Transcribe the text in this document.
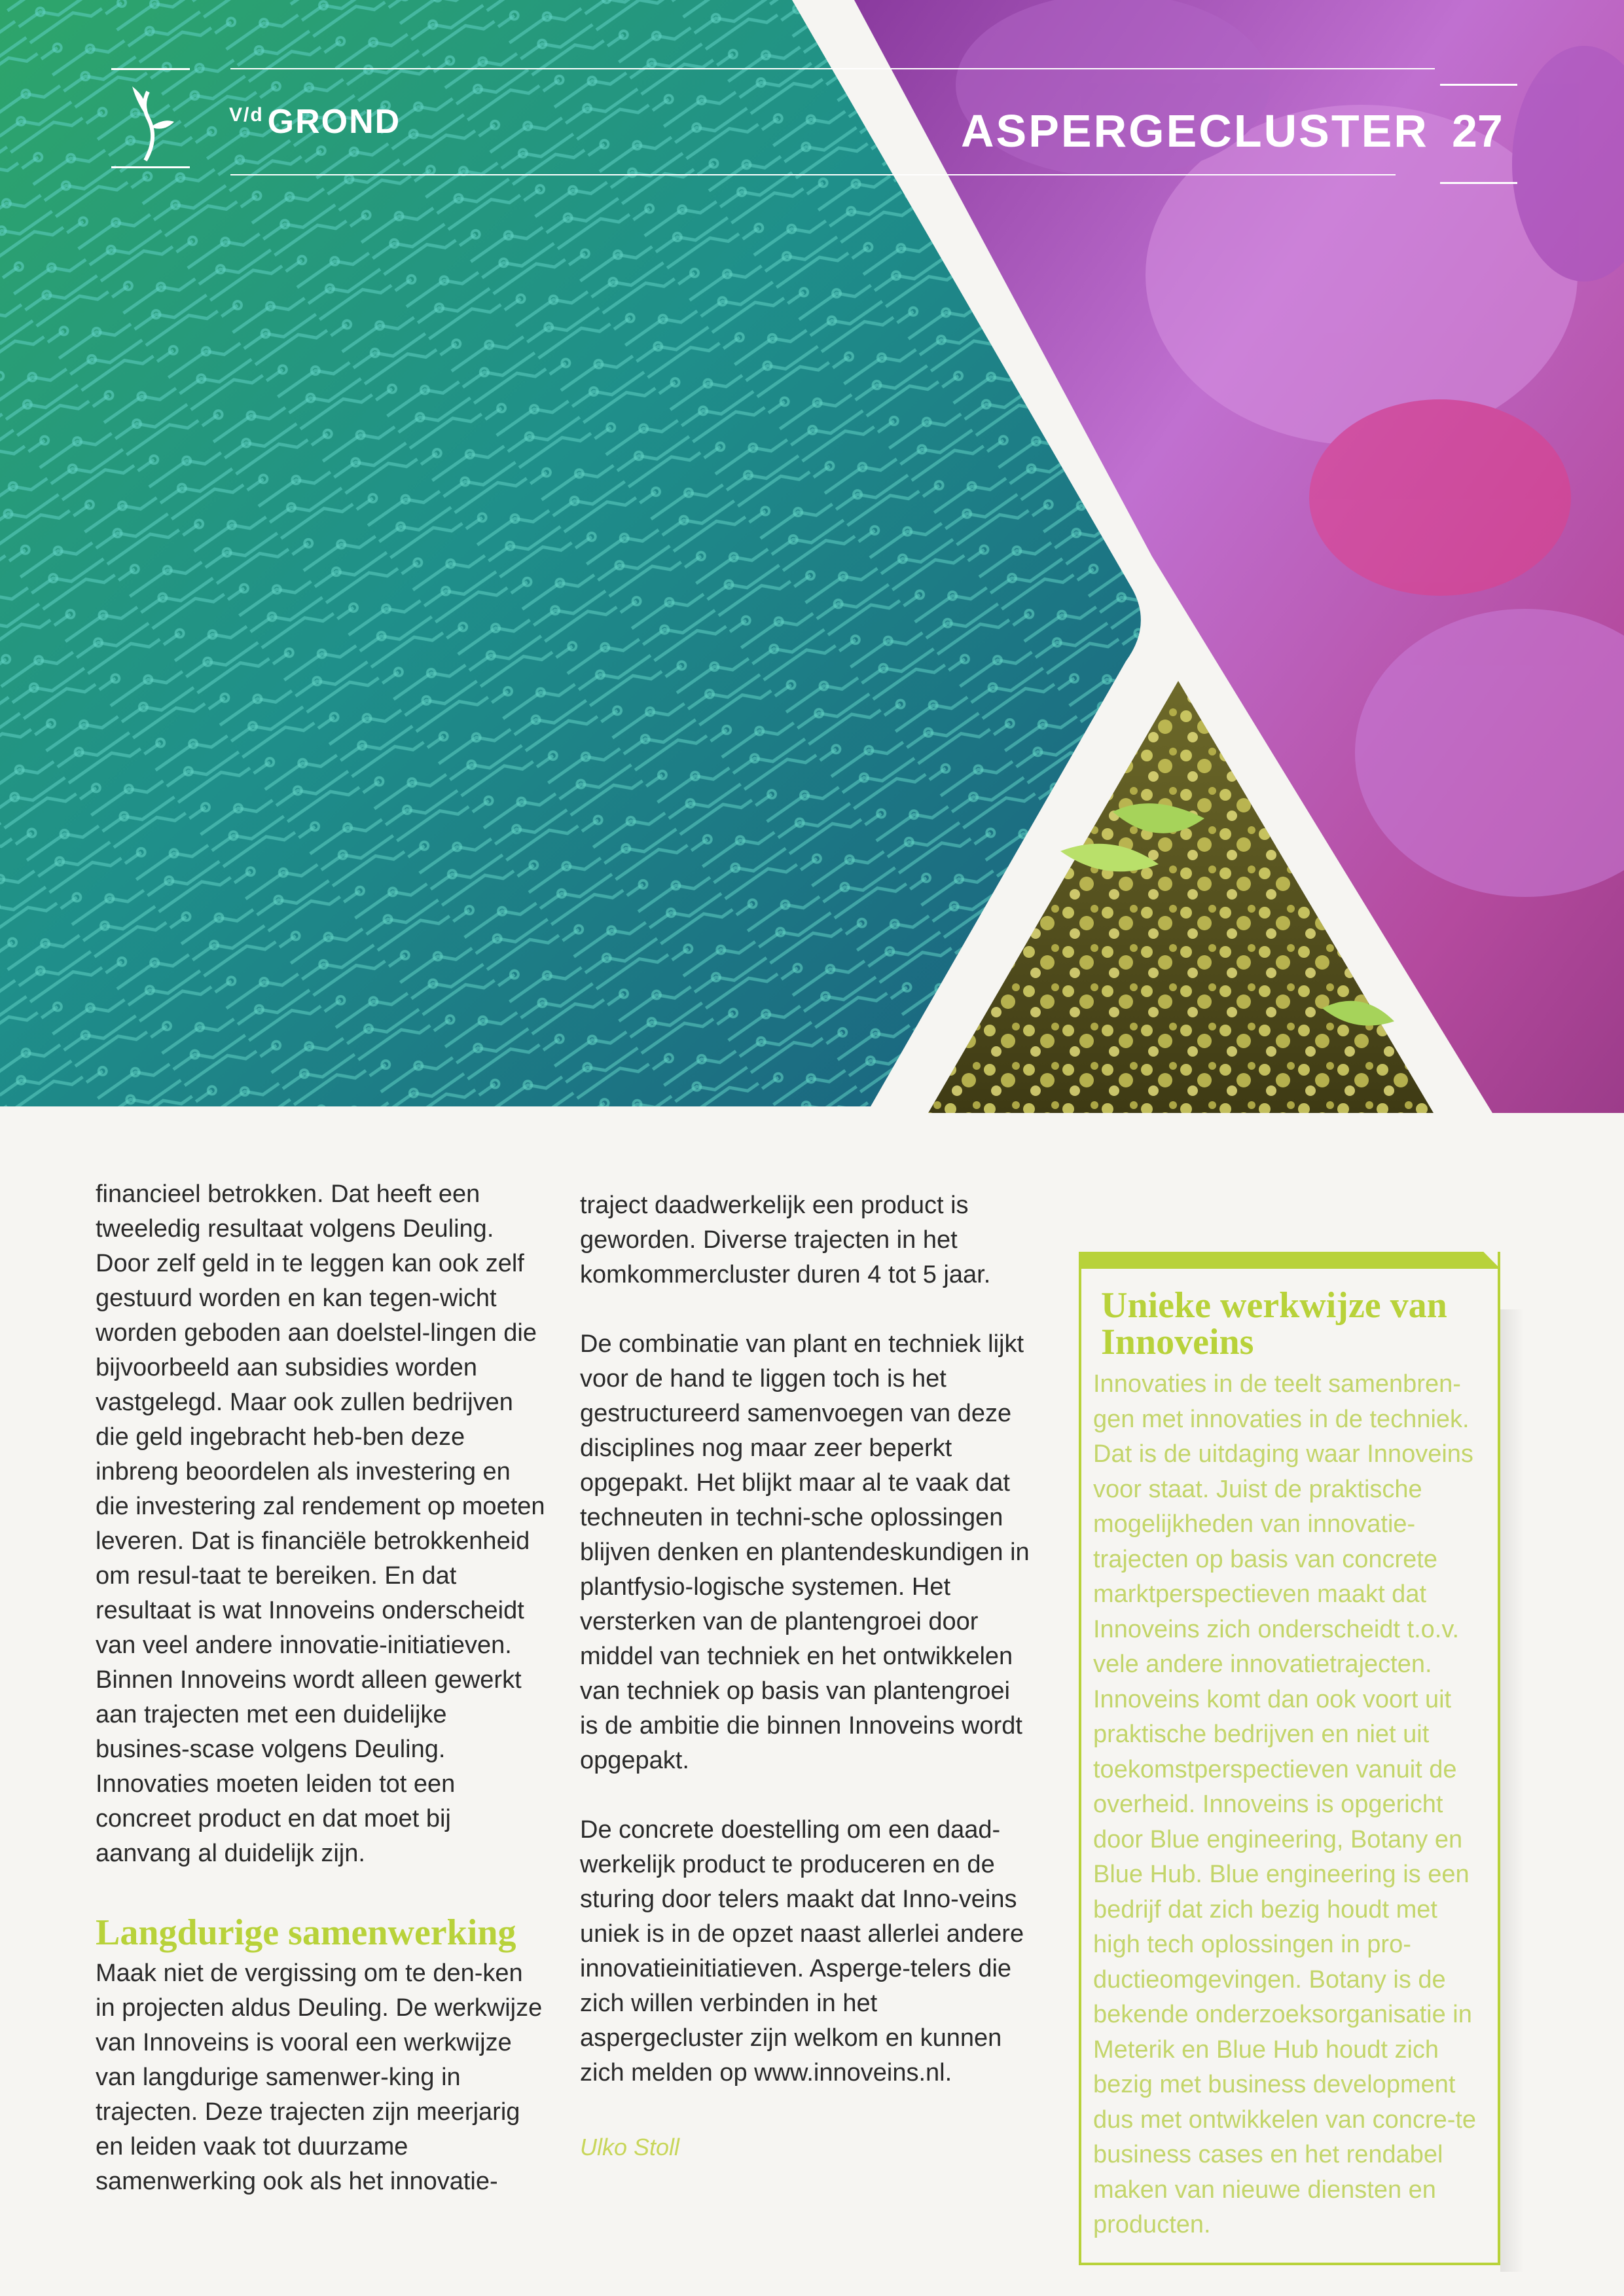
$^{V/d}$ GROND	ASPERGECLUSTER 27

financieel betrokken. Dat heeft een tweeledig resultaat volgens Deuling. Door zelf geld in te leggen kan ook zelf gestuurd worden en kan tegen-wicht worden geboden aan doelstel-lingen die bijvoorbeeld aan subsidies worden vastgelegd. Maar ook zullen bedrijven die geld ingebracht heb-ben deze inbreng beoordelen als investering en die investering zal rendement op moeten leveren. Dat is financiële betrokkenheid om resul-taat te bereiken. En dat resultaat is wat Innoveins onderscheidt van veel andere innovatie-initiatieven. Binnen Innoveins wordt alleen gewerkt aan trajecten met een duidelijke busines-scase volgens Deuling. Innovaties moeten leiden tot een concreet product en dat moet bij aanvang al duidelijk zijn.

Langdurige samenwerking

Maak niet de vergissing om te den-ken in projecten aldus Deuling. De werkwijze van Innoveins is vooral een werkwijze van langdurige samenwer-king in trajecten. Deze trajecten zijn meerjarig en leiden vaak tot duurzame samenwerking ook als het innovatie-

traject daadwerkelijk een product is geworden. Diverse trajecten in het komkommercluster duren 4 tot 5 jaar.

De combinatie van plant en techniek lijkt voor de hand te liggen toch is het gestructureerd samenvoegen van deze disciplines nog maar zeer beperkt opgepakt. Het blijkt maar al te vaak dat techneuten in techni-sche oplossingen blijven denken en plantendeskundigen in plantfysio-logische systemen. Het versterken van de plantengroei door middel van techniek en het ontwikkelen van techniek op basis van plantengroei is de ambitie die binnen Innoveins wordt opgepakt.

De concrete doestelling om een daad-werkelijk product te produceren en de sturing door telers maakt dat Inno-veins uniek is in de opzet naast allerlei andere innovatieinitiatieven. Asperge-telers die zich willen verbinden in het aspergecluster zijn welkom en kunnen zich melden op www.innoveins.nl.

Ulko Stoll
Unieke werkwijze van Innoveins
Innovaties in de teelt samenbren-gen met innovaties in de techniek. Dat is de uitdaging waar Innoveins voor staat. Juist de praktische mogelijkheden van innovatie-trajecten op basis van concrete marktperspectieven maakt dat Innoveins zich onderscheidt t.o.v. vele andere innovatietrajecten. Innoveins komt dan ook voort uit praktische bedrijven en niet uit toekomstperspectieven vanuit de overheid. Innoveins is opgericht door Blue engineering, Botany en Blue Hub. Blue engineering is een bedrijf dat zich bezig houdt met high tech oplossingen in pro-ductieomgevingen. Botany is de bekende onderzoeksorganisatie in Meterik en Blue Hub houdt zich bezig met business development dus met ontwikkelen van concre-te business cases en het rendabel maken van nieuwe diensten en producten.
